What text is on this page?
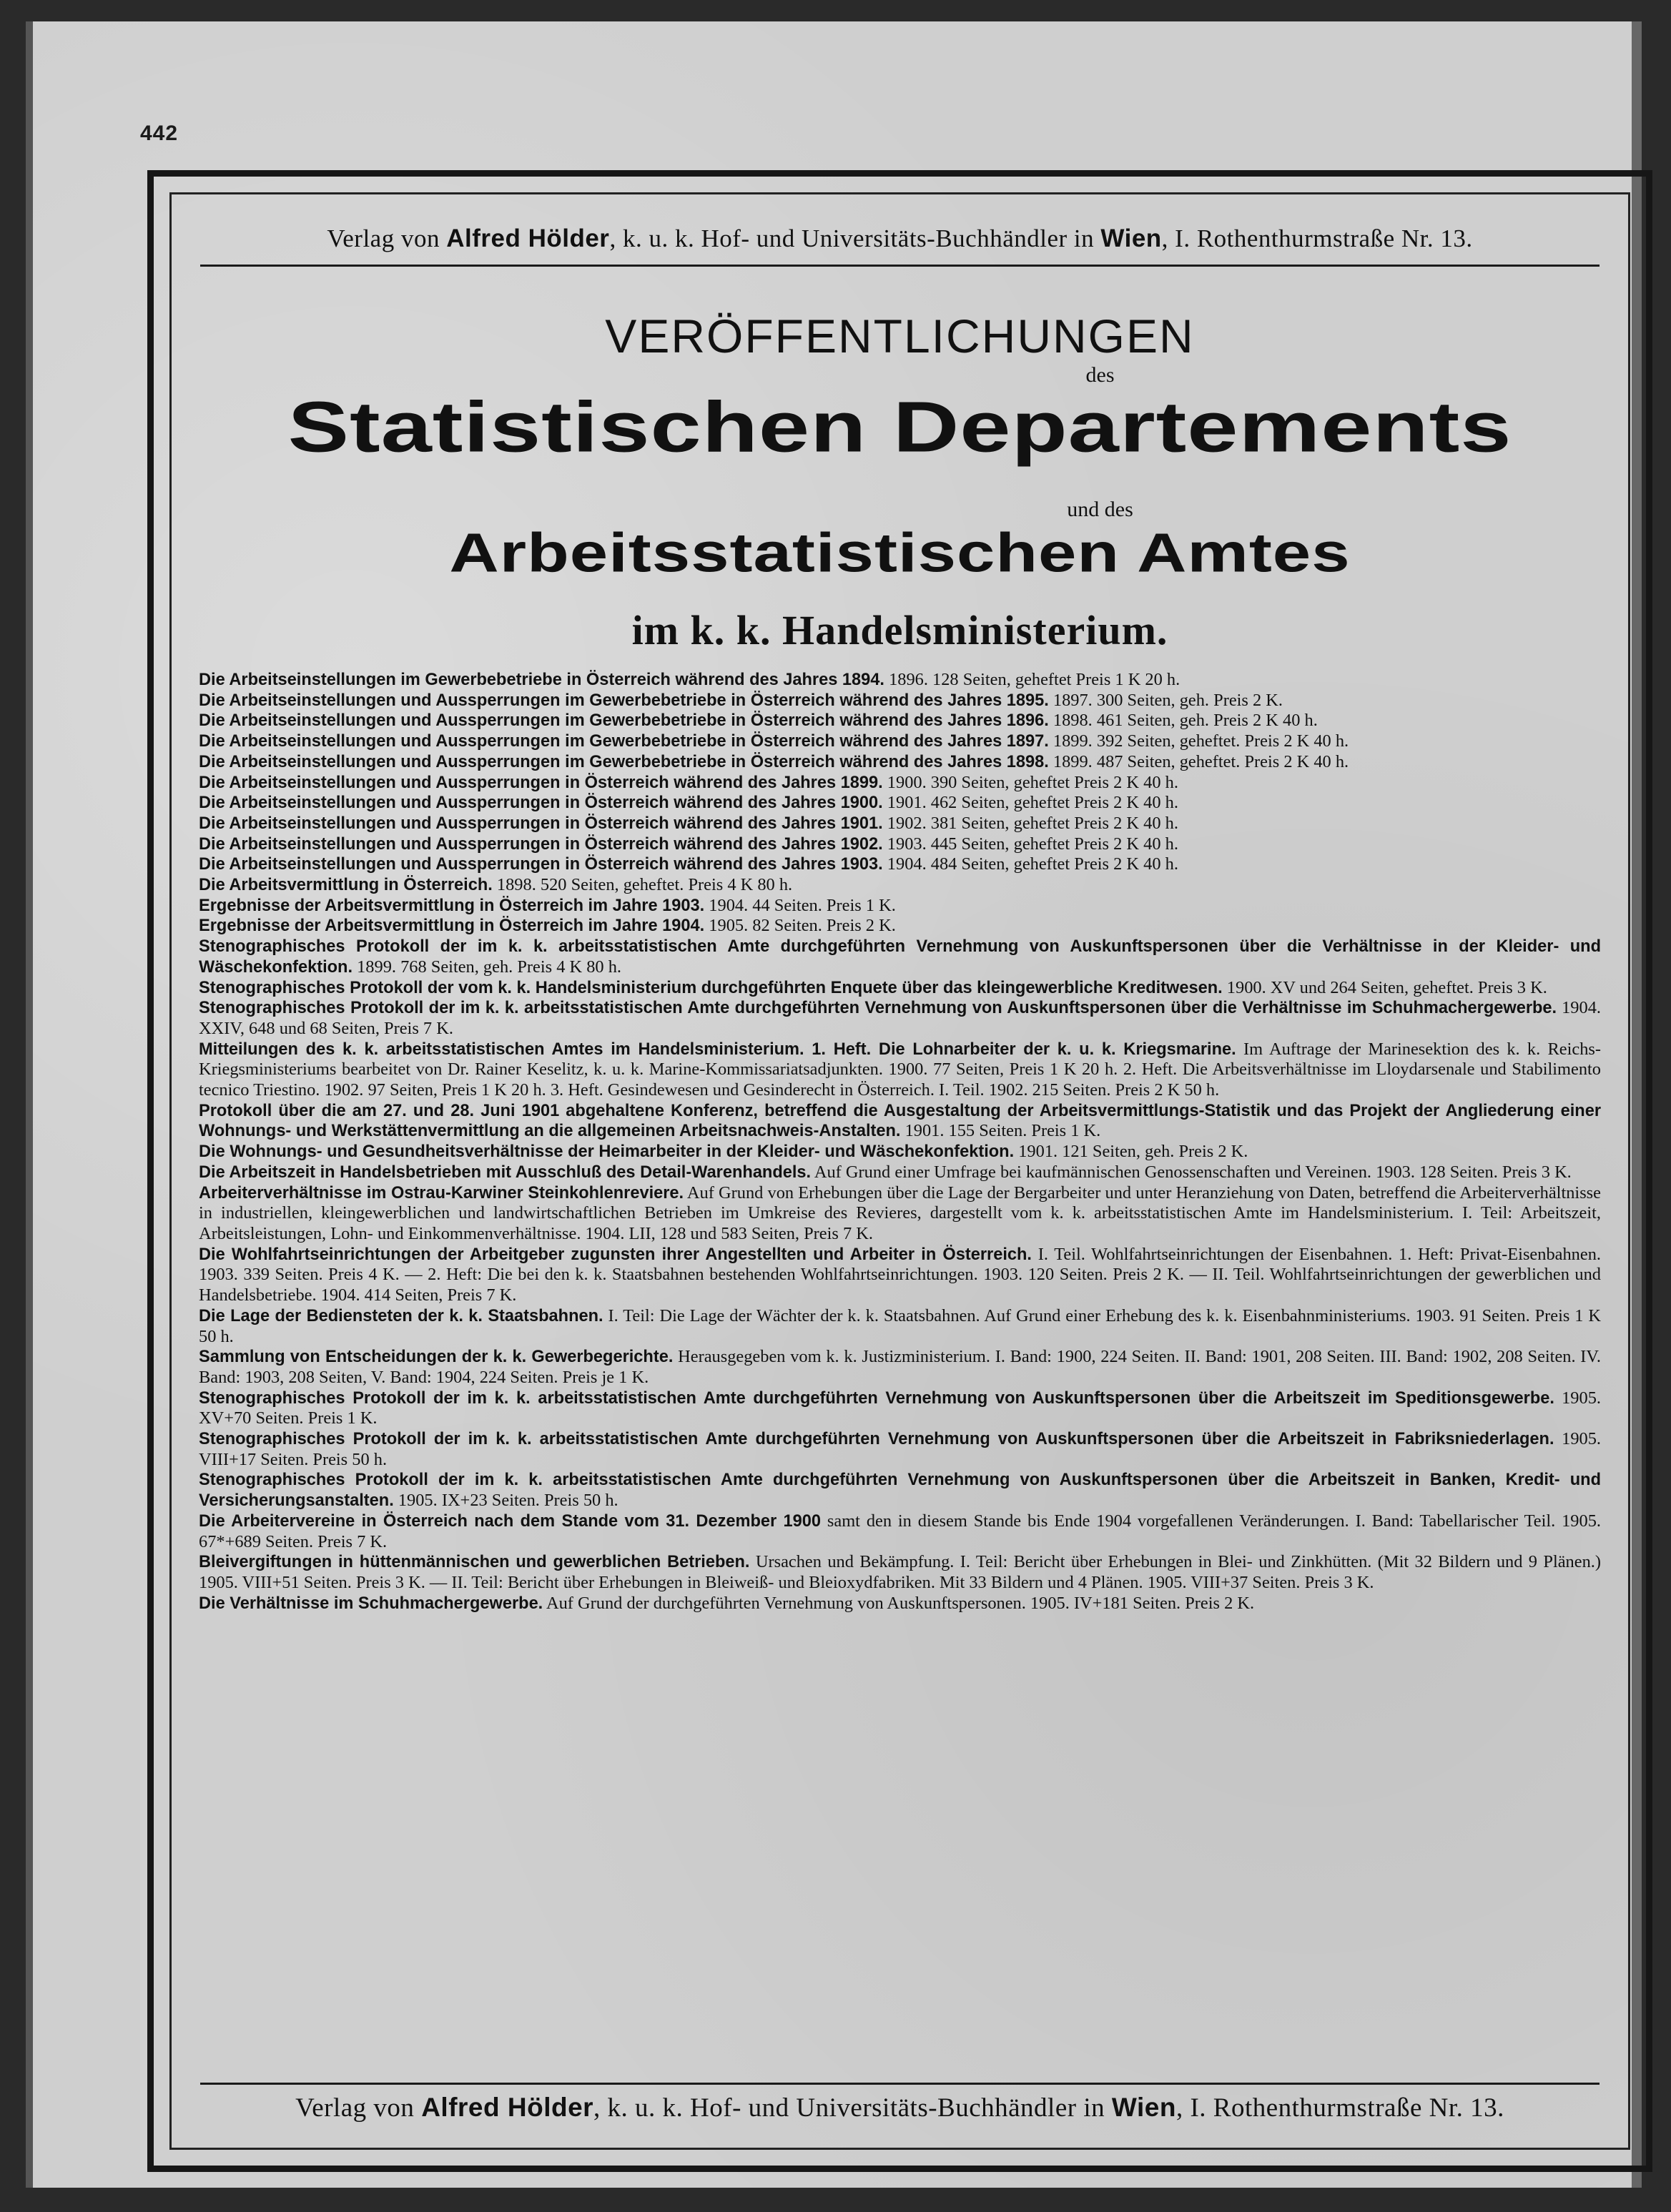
442
Verlag von Alfred Hölder, k. u. k. Hof- und Universitäts-Buchhändler in Wien, I. Rothenthurmstraße Nr. 13.
VERÖFFENTLICHUNGEN
des
Statistischen Departements
und des
Arbeitsstatistischen Amtes
im k. k. Handelsministerium.

Die Arbeitseinstellungen im Gewerbebetriebe in Österreich während des Jahres 1894. 1896. 128 Seiten, geheftet Preis 1 K 20 h.

Die Arbeitseinstellungen und Aussperrungen im Gewerbebetriebe in Österreich während des Jahres 1895. 1897. 300 Seiten, geh. Preis 2 K.

Die Arbeitseinstellungen und Aussperrungen im Gewerbebetriebe in Österreich während des Jahres 1896. 1898. 461 Seiten, geh. Preis 2 K 40 h.

Die Arbeitseinstellungen und Aussperrungen im Gewerbebetriebe in Österreich während des Jahres 1897. 1899. 392 Seiten, geheftet. Preis 2 K 40 h.

Die Arbeitseinstellungen und Aussperrungen im Gewerbebetriebe in Österreich während des Jahres 1898. 1899. 487 Seiten, geheftet. Preis 2 K 40 h.

Die Arbeitseinstellungen und Aussperrungen in Österreich während des Jahres 1899. 1900. 390 Seiten, geheftet Preis 2 K 40 h.

Die Arbeitseinstellungen und Aussperrungen in Österreich während des Jahres 1900. 1901. 462 Seiten, geheftet Preis 2 K 40 h.

Die Arbeitseinstellungen und Aussperrungen in Österreich während des Jahres 1901. 1902. 381 Seiten, geheftet Preis 2 K 40 h.

Die Arbeitseinstellungen und Aussperrungen in Österreich während des Jahres 1902. 1903. 445 Seiten, geheftet Preis 2 K 40 h.

Die Arbeitseinstellungen und Aussperrungen in Österreich während des Jahres 1903. 1904. 484 Seiten, geheftet Preis 2 K 40 h.

Die Arbeitsvermittlung in Österreich. 1898. 520 Seiten, geheftet. Preis 4 K 80 h.

Ergebnisse der Arbeitsvermittlung in Österreich im Jahre 1903. 1904. 44 Seiten. Preis 1 K.

Ergebnisse der Arbeitsvermittlung in Österreich im Jahre 1904. 1905. 82 Seiten. Preis 2 K.

Stenographisches Protokoll der im k. k. arbeitsstatistischen Amte durchgeführten Vernehmung von Auskunftspersonen über die Verhältnisse in der Kleider- und Wäschekonfektion. 1899. 768 Seiten, geh. Preis 4 K 80 h.

Stenographisches Protokoll der vom k. k. Handelsministerium durchgeführten Enquete über das kleingewerbliche Kreditwesen. 1900. XV und 264 Seiten, geheftet. Preis 3 K.

Stenographisches Protokoll der im k. k. arbeitsstatistischen Amte durchgeführten Vernehmung von Auskunftspersonen über die Verhältnisse im Schuhmachergewerbe. 1904. XXIV, 648 und 68 Seiten, Preis 7 K.

Mitteilungen des k. k. arbeitsstatistischen Amtes im Handelsministerium. 1. Heft. Die Lohnarbeiter der k. u. k. Kriegsmarine. Im Auftrage der Marinesektion des k. k. Reichs-Kriegsministeriums bearbeitet von Dr. Rainer Keselitz, k. u. k. Marine-Kommissariatsadjunkten. 1900. 77 Seiten, Preis 1 K 20 h. 2. Heft. Die Arbeitsverhältnisse im Lloydarsenale und Stabilimento tecnico Triestino. 1902. 97 Seiten, Preis 1 K 20 h. 3. Heft. Gesindewesen und Gesinderecht in Österreich. I. Teil. 1902. 215 Seiten. Preis 2 K 50 h.

Protokoll über die am 27. und 28. Juni 1901 abgehaltene Konferenz, betreffend die Ausgestaltung der Arbeitsvermittlungs-Statistik und das Projekt der Angliederung einer Wohnungs- und Werkstättenvermittlung an die allgemeinen Arbeitsnachweis-Anstalten. 1901. 155 Seiten. Preis 1 K.

Die Wohnungs- und Gesundheitsverhältnisse der Heimarbeiter in der Kleider- und Wäschekonfektion. 1901. 121 Seiten, geh. Preis 2 K.

Die Arbeitszeit in Handelsbetrieben mit Ausschluß des Detail-Warenhandels. Auf Grund einer Umfrage bei kaufmännischen Genossenschaften und Vereinen. 1903. 128 Seiten. Preis 3 K.

Arbeiterverhältnisse im Ostrau-Karwiner Steinkohlenreviere. Auf Grund von Erhebungen über die Lage der Bergarbeiter und unter Heranziehung von Daten, betreffend die Arbeiterverhältnisse in industriellen, kleingewerblichen und landwirtschaftlichen Betrieben im Umkreise des Revieres, dargestellt vom k. k. arbeitsstatistischen Amte im Handelsministerium. I. Teil: Arbeitszeit, Arbeitsleistungen, Lohn- und Einkommenverhältnisse. 1904. LII, 128 und 583 Seiten, Preis 7 K.

Die Wohlfahrtseinrichtungen der Arbeitgeber zugunsten ihrer Angestellten und Arbeiter in Österreich. I. Teil. Wohlfahrtseinrichtungen der Eisenbahnen. 1. Heft: Privat-Eisenbahnen. 1903. 339 Seiten. Preis 4 K. — 2. Heft: Die bei den k. k. Staatsbahnen bestehenden Wohlfahrtseinrichtungen. 1903. 120 Seiten. Preis 2 K. — II. Teil. Wohlfahrtseinrichtungen der gewerblichen und Handelsbetriebe. 1904. 414 Seiten, Preis 7 K.

Die Lage der Bediensteten der k. k. Staatsbahnen. I. Teil: Die Lage der Wächter der k. k. Staatsbahnen. Auf Grund einer Erhebung des k. k. Eisenbahnministeriums. 1903. 91 Seiten. Preis 1 K 50 h.

Sammlung von Entscheidungen der k. k. Gewerbegerichte. Herausgegeben vom k. k. Justizministerium. I. Band: 1900, 224 Seiten. II. Band: 1901, 208 Seiten. III. Band: 1902, 208 Seiten. IV. Band: 1903, 208 Seiten, V. Band: 1904, 224 Seiten. Preis je 1 K.

Stenographisches Protokoll der im k. k. arbeitsstatistischen Amte durchgeführten Vernehmung von Auskunftspersonen über die Arbeitszeit im Speditionsgewerbe. 1905. XV+70 Seiten. Preis 1 K.

Stenographisches Protokoll der im k. k. arbeitsstatistischen Amte durchgeführten Vernehmung von Auskunftspersonen über die Arbeitszeit in Fabriksniederlagen. 1905. VIII+17 Seiten. Preis 50 h.

Stenographisches Protokoll der im k. k. arbeitsstatistischen Amte durchgeführten Vernehmung von Auskunftspersonen über die Arbeitszeit in Banken, Kredit- und Versicherungsanstalten. 1905. IX+23 Seiten. Preis 50 h.

Die Arbeitervereine in Österreich nach dem Stande vom 31. Dezember 1900 samt den in diesem Stande bis Ende 1904 vorgefallenen Veränderungen. I. Band: Tabellarischer Teil. 1905. 67*+689 Seiten. Preis 7 K.

Bleivergiftungen in hüttenmännischen und gewerblichen Betrieben. Ursachen und Bekämpfung. I. Teil: Bericht über Erhebungen in Blei- und Zinkhütten. (Mit 32 Bildern und 9 Plänen.) 1905. VIII+51 Seiten. Preis 3 K. — II. Teil: Bericht über Erhebungen in Bleiweiß- und Bleioxydfabriken. Mit 33 Bildern und 4 Plänen. 1905. VIII+37 Seiten. Preis 3 K.

Die Verhältnisse im Schuhmachergewerbe. Auf Grund der durchgeführten Vernehmung von Auskunftspersonen. 1905. IV+181 Seiten. Preis 2 K.

Verlag von Alfred Hölder, k. u. k. Hof- und Universitäts-Buchhändler in Wien, I. Rothenthurmstraße Nr. 13.
